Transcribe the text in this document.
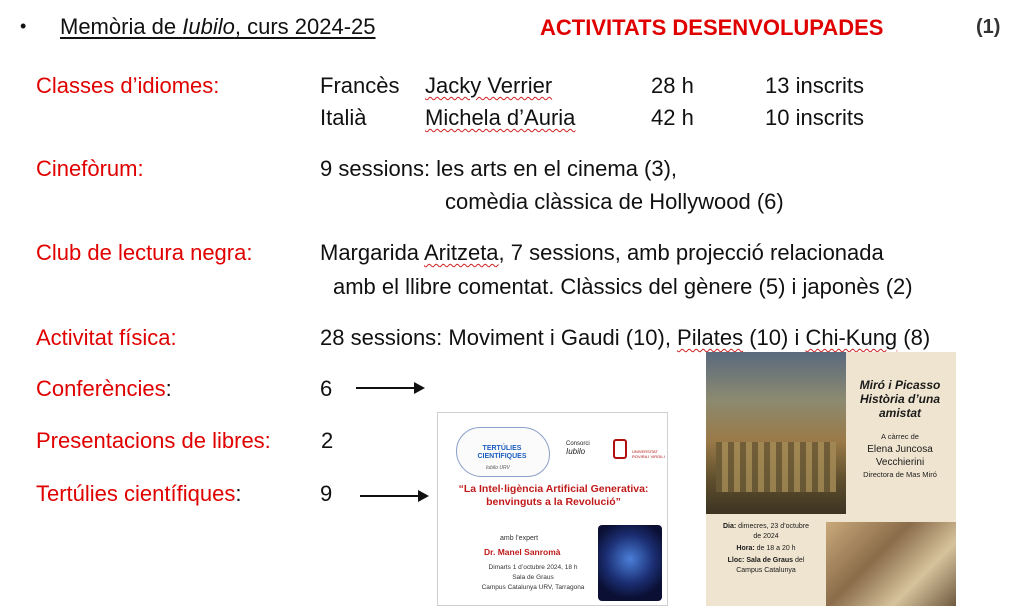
• Memòria de Iubilo, curs 2024-25	ACTIVITATS DESENVOLUPADES	(1)
Classes d’idiomes:	Francès Jacky Verrier	28 h	13 inscrits
Italià	Michela d’Auria	42 h	10 inscrits
Cinefòrum:	9 sessions: les arts en el cinema (3),
comèdia clàssica de Hollywood (6)
Club de lectura negra:	Margarida Aritzeta, 7 sessions, amb projecció relacionada
amb el llibre comentat. Clàssics del gènere (5) i japonès (2)
Activitat física:	28 sessions: Moviment i Gaudi (10), Pilates (10) i Chi-Kung (8)
Conferències:	6
Presentacions de libres: 2
Tertúlies científiques:	9
TERTÚLIES CIENTÍFIQUES
Iubilo URV
Consorci
Iubilo	UNIVERSITAT ROVIRA I VIRGILI
“La Intel·ligència Artificial Generativa:
benvinguts a la Revolució”
amb l’expert
Dr. Manel Sanromà
Dimarts 1 d’octubre 2024, 18 h
Sala de Graus
Campus Catalunya URV, Tarragona
Miró i Picasso
Història d’una
amistat
A càrrec de
Elena Juncosa
Vecchierini
Directora de Mas Miró
Dia: dimecres, 23 d’octubre
de 2024
Hora: de 18 a 20 h
Lloc: Sala de Graus del
Campus Catalunya
